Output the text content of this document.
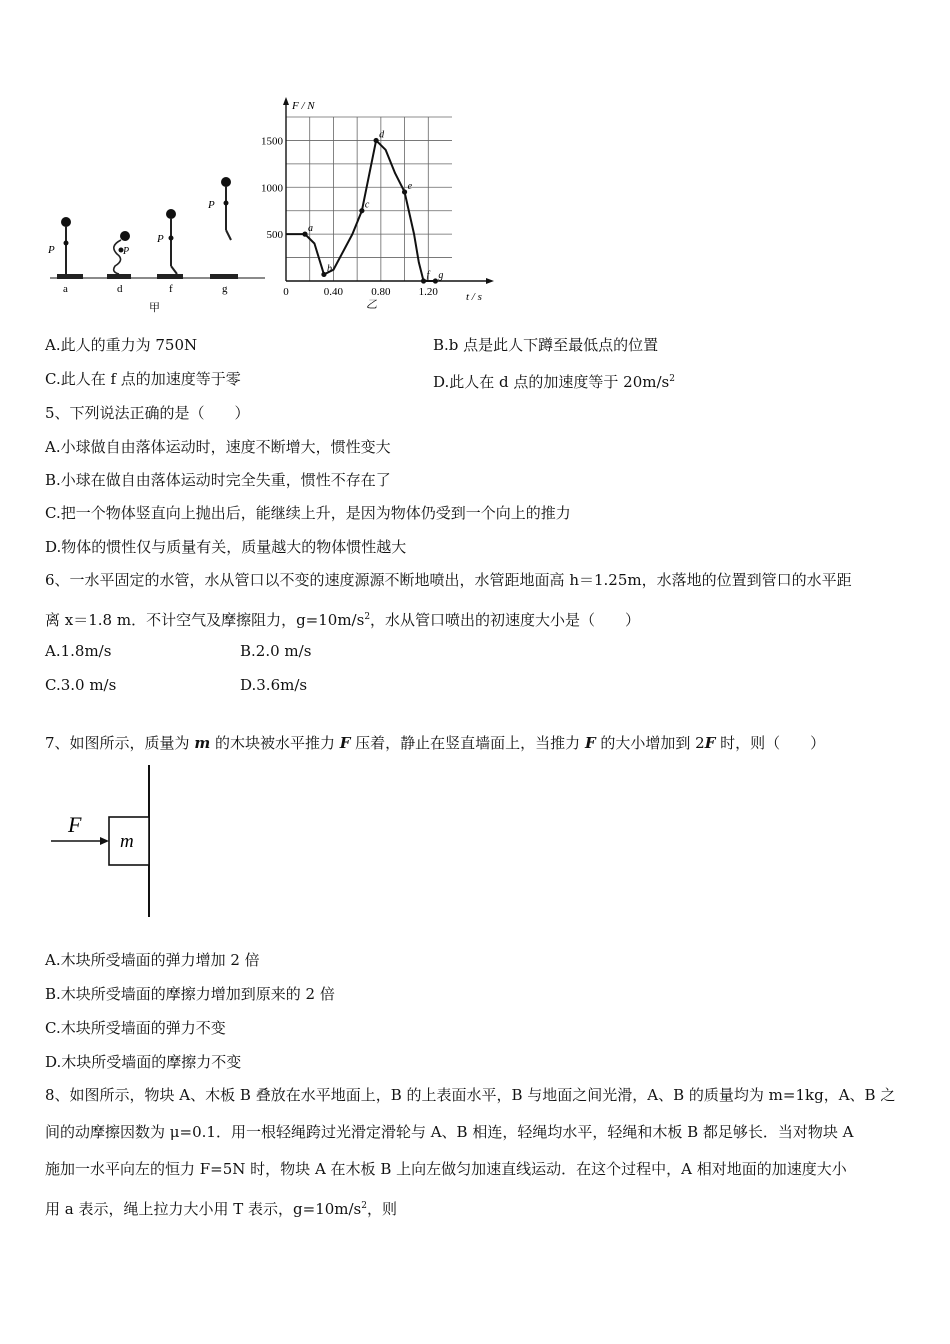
P	P
P
P
a	d	f	g
甲
500
1000
1500
0	0.40	0.80	1.20
a
b
c
d
e
f g
F / N
t / s
乙
A.此人的重力为 750N	B.b 点是此人下蹲至最低点的位置
C.此人在 f 点的加速度等于零	D.此人在 d 点的加速度等于 $20m/s^2$
5、下列说法正确的是（　　）
A.小球做自由落体运动时，速度不断增大，惯性变大
B.小球在做自由落体运动时完全失重，惯性不存在了
C.把一个物体竖直向上抛出后，能继续上升，是因为物体仍受到一个向上的推力
D.物体的惯性仅与质量有关，质量越大的物体惯性越大
6、一水平固定的水管，水从管口以不变的速度源源不断地喷出，水管距地面高 h＝1.25m，水落地的位置到管口的水平距
离 x＝1.8 m．不计空气及摩擦阻力，$g=10m/s^2$，水从管口喷出的初速度大小是（　　）
A.1.8m/s	B.2.0 m/s
C.3.0 m/s	D.3.6m/s
7、如图所示，质量为 m 的木块被水平推力 F 压着，静止在竖直墙面上，当推力 F 的大小增加到 2F 时，则（　　）
F
m
A.木块所受墙面的弹力增加 2 倍
B.木块所受墙面的摩擦力增加到原来的 2 倍
C.木块所受墙面的弹力不变
D.木块所受墙面的摩擦力不变
8、如图所示，物块 A、木板 B 叠放在水平地面上，B 的上表面水平，B 与地面之间光滑，A、B 的质量均为 m=1kg，A、B 之
间的动摩擦因数为 μ=0.1．用一根轻绳跨过光滑定滑轮与 A、B 相连，轻绳均水平，轻绳和木板 B 都足够长．当对物块 A
施加一水平向左的恒力 F=5N 时，物块 A 在木板 B 上向左做匀加速直线运动．在这个过程中，A 相对地面的加速度大小
用 a 表示，绳上拉力大小用 T 表示，$g=10m/s^2$，则
